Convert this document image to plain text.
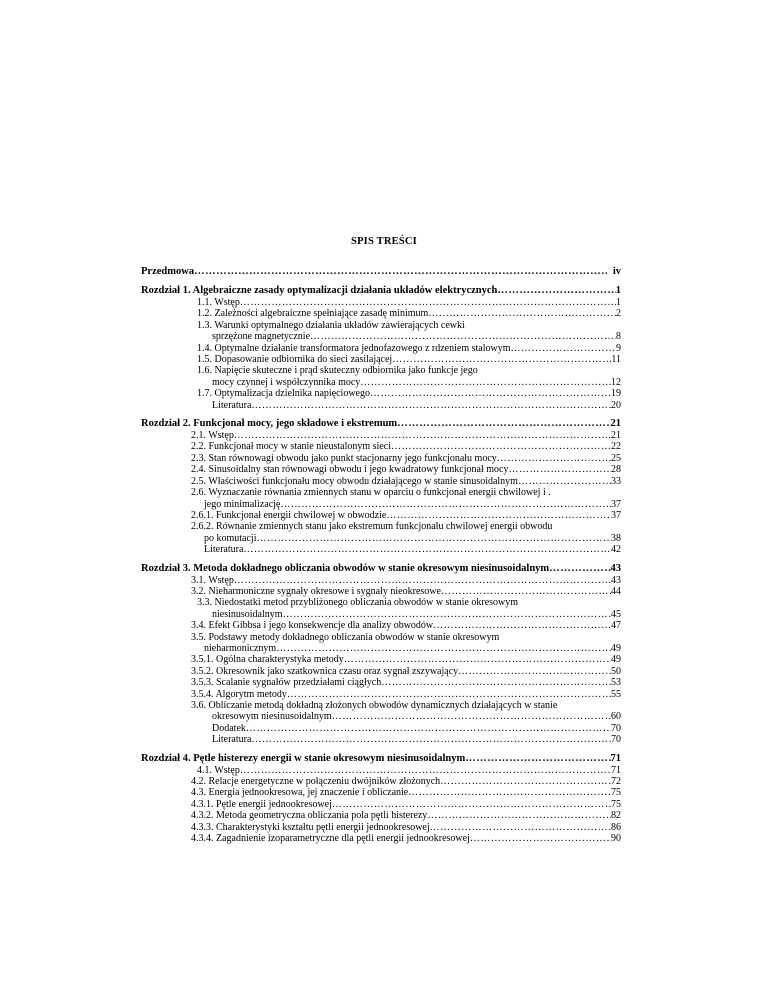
SPIS TREŚCI
Przedmowa …………………………………………………………………………………………………………………………………………………………………………………………	iv
Rozdział 1. Algebraiczne zasady optymalizacji działania układów elektrycznych …………………………………………………………………………………………………………………………………………………………………………………………	1
1.1. Wstęp …………………………………………………………………………………………………………………………………………………………………………………………	1
1.2. Zależności algebraiczne spełniające zasadę minimum …………………………………………………………………………………………………………………………………………………………………………………………	2
1.3. Warunki optymalnego działania układów zawierających cewki
sprzężone magnetycznie …………………………………………………………………………………………………………………………………………………………………………………………	8
1.4. Optymalne działanie transformatora jednofazowego z rdzeniem stalowym …………………………………………………………………………………………………………………………………………………………………………………………	9
1.5. Dopasowanie odbiornika do sieci zasilającej …………………………………………………………………………………………………………………………………………………………………………………………	11
1.6. Napięcie skuteczne i prąd skuteczny odbiornika jako funkcje jego
mocy czynnej i współczynnika mocy …………………………………………………………………………………………………………………………………………………………………………………………	12
1.7. Optymalizacja dzielnika napięciowego …………………………………………………………………………………………………………………………………………………………………………………………	19
Literatura …………………………………………………………………………………………………………………………………………………………………………………………	20
Rozdział 2. Funkcjonał mocy, jego składowe i ekstremum …………………………………………………………………………………………………………………………………………………………………………………………	21
2.1. Wstęp …………………………………………………………………………………………………………………………………………………………………………………………	21
2.2. Funkcjonał mocy w stanie nieustalonym sieci …………………………………………………………………………………………………………………………………………………………………………………………	22
2.3. Stan równowagi obwodu jako punkt stacjonarny jego funkcjonału mocy …………………………………………………………………………………………………………………………………………………………………………………………	25
2.4. Sinusoidalny stan równowagi obwodu i jego kwadratowy funkcjonał mocy …………………………………………………………………………………………………………………………………………………………………………………………	28
2.5. Właściwości funkcjonału mocy obwodu działającego w stanie sinusoidalnym …………………………………………………………………………………………………………………………………………………………………………………………	33
2.6. Wyznaczanie równania zmiennych stanu w oparciu o funkcjonał energii chwilowej i .
jego minimalizację …………………………………………………………………………………………………………………………………………………………………………………………	37
2.6.1. Funkcjonał energii chwilowej w obwodzie …………………………………………………………………………………………………………………………………………………………………………………………	37
2.6.2. Równanie zmiennych stanu jako ekstremum funkcjonału chwilowej energii obwodu
po komutacji …………………………………………………………………………………………………………………………………………………………………………………………	38
Literatura …………………………………………………………………………………………………………………………………………………………………………………………	42
Rozdział 3. Metoda dokładnego obliczania obwodów w stanie okresowym niesinusoidalnym …………………………………………………………………………………………………………………………………………………………………………………………	43
3.1. Wstęp …………………………………………………………………………………………………………………………………………………………………………………………	43
3.2. Nieharmoniczne sygnały okresowe i sygnały nieokresowe …………………………………………………………………………………………………………………………………………………………………………………………	44
3.3. Niedostatki metod przybliżonego obliczania obwodów w stanie okresowym
niesinusoidalnym …………………………………………………………………………………………………………………………………………………………………………………………	45
3.4. Efekt Gibbsa i jego konsekwencje dla analizy obwodów …………………………………………………………………………………………………………………………………………………………………………………………	47
3.5. Podstawy metody dokładnego obliczania obwodów w stanie okresowym
nieharmonicznym …………………………………………………………………………………………………………………………………………………………………………………………	49
3.5.1. Ogólna charakterystyka metody …………………………………………………………………………………………………………………………………………………………………………………………	49
3.5.2. Okresownik jako szatkownica czasu oraz sygnał zszywający …………………………………………………………………………………………………………………………………………………………………………………………	50
3.5.3. Scalanie sygnałów przedziałami ciągłych …………………………………………………………………………………………………………………………………………………………………………………………	53
3.5.4. Algorytm metody …………………………………………………………………………………………………………………………………………………………………………………………	55
3.6. Obliczanie metodą dokładną złożonych obwodów dynamicznych działających w stanie
okresowym niesinusoidalnym …………………………………………………………………………………………………………………………………………………………………………………………	60
Dodatek …………………………………………………………………………………………………………………………………………………………………………………………	70
Literatura …………………………………………………………………………………………………………………………………………………………………………………………	70
Rozdział 4. Pętle histerezy energii w stanie okresowym niesinusoidalnym …………………………………………………………………………………………………………………………………………………………………………………………	71
4.1. Wstęp …………………………………………………………………………………………………………………………………………………………………………………………	71
4.2. Relacje energetyczne w połączeniu dwójników złożonych …………………………………………………………………………………………………………………………………………………………………………………………	72
4.3. Energia jednookresowa, jej znaczenie i obliczanie …………………………………………………………………………………………………………………………………………………………………………………………	75
4.3.1. Pętle energii jednookresowej …………………………………………………………………………………………………………………………………………………………………………………………	75
4.3.2. Metoda geometryczna obliczania pola pętli histerezy …………………………………………………………………………………………………………………………………………………………………………………………	82
4.3.3. Charakterystyki kształtu pętli energii jednookresowej …………………………………………………………………………………………………………………………………………………………………………………………	86
4.3.4. Zagadnienie izoparametryczne dla pętli energii jednookresowej …………………………………………………………………………………………………………………………………………………………………………………………	90
